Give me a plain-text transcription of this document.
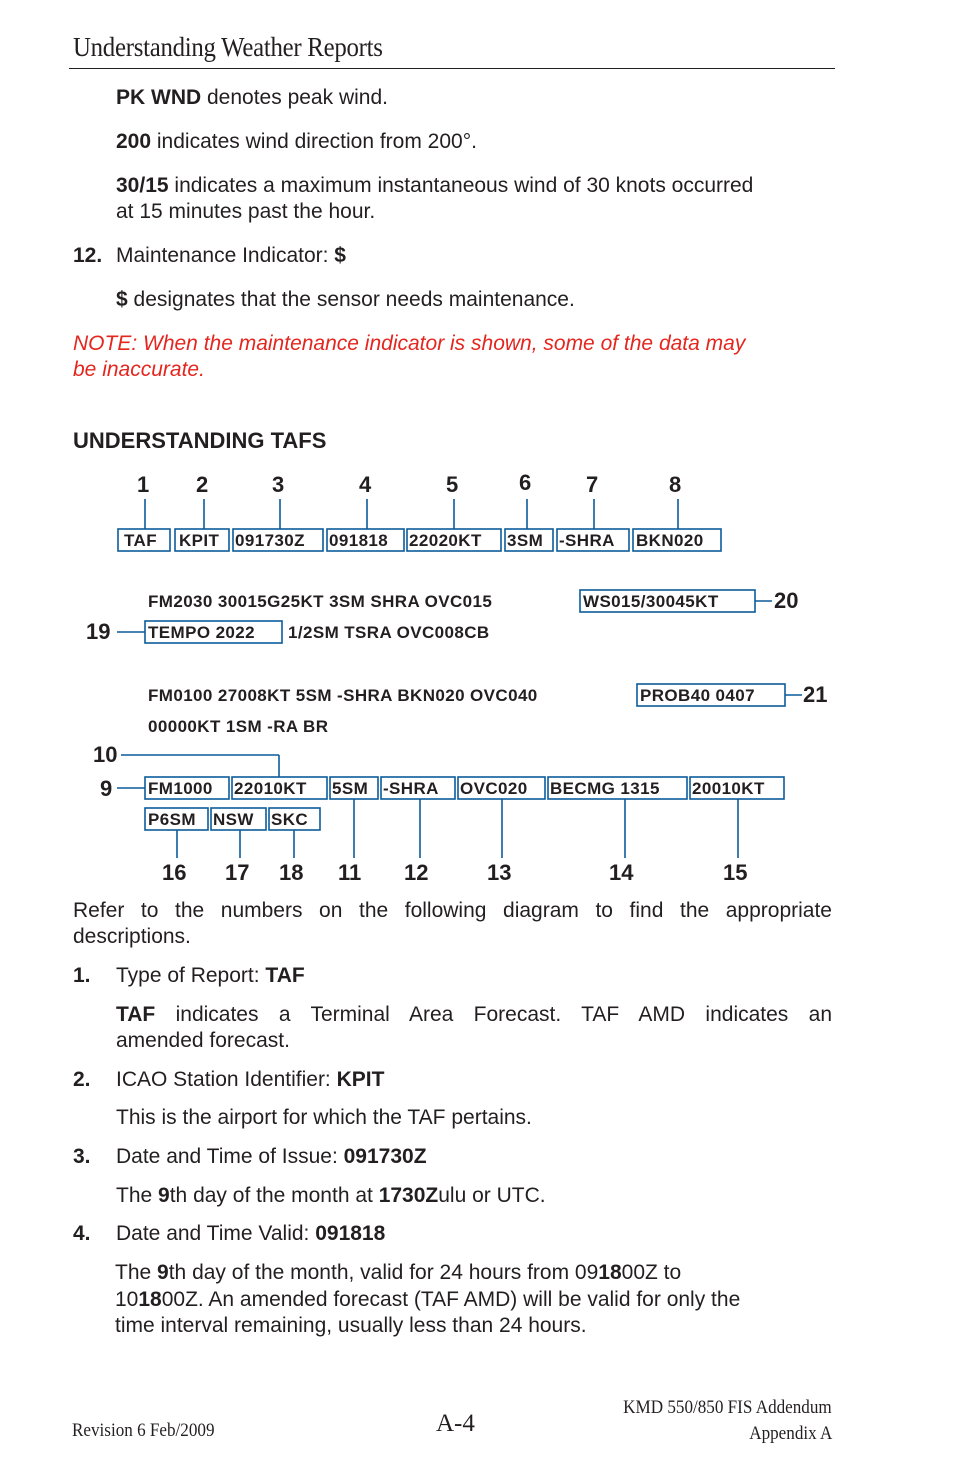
Understanding Weather Reports
PK WND denotes peak wind.
200 indicates wind direction from 200°.
30/15 indicates a maximum instantaneous wind of 30 knots occurred
at 15 minutes past the hour.
12. Maintenance Indicator: $
$ designates that the sensor needs maintenance.
NOTE: When the maintenance indicator is shown, some of the data may
be inaccurate.
UNDERSTANDING TAFS
1 2	3	4	5	6 7	8
TAF KPIT 091730Z 091818 22020KT 3SM -SHRA BKN020
FM2030 30015G25KT 3SM SHRA OVC015	WS015/30045KT	20
19 TEMPO 2022 1/2SM TSRA OVC008CB
FM0100 27008KT 5SM -SHRA BKN020 OVC040	PROB40 0407 21
00000KT 1SM -RA BR
10
9 FM1000 22010KT 5SM -SHRA OVC020 BECMG 1315 20010KT
P6SM NSW SKC
16 17 18 11 12	13	14	15
Refer to the numbers on the following diagram to find the appropriate
descriptions.
1. Type of Report: TAF
TAF indicates a Terminal Area Forecast. TAF AMD indicates an
amended forecast.
2. ICAO Station Identifier: KPIT
This is the airport for which the TAF pertains.
3. Date and Time of Issue: 091730Z
The 9th day of the month at 1730Zulu or UTC.
4. Date and Time Valid: 091818
The 9th day of the month, valid for 24 hours from 091800Z to
101800Z. An amended forecast (TAF AMD) will be valid for only the
time interval remaining, usually less than 24 hours.
Revision 6 Feb/2009	A-4
KMD 550/850 FIS Addendum
Appendix A
